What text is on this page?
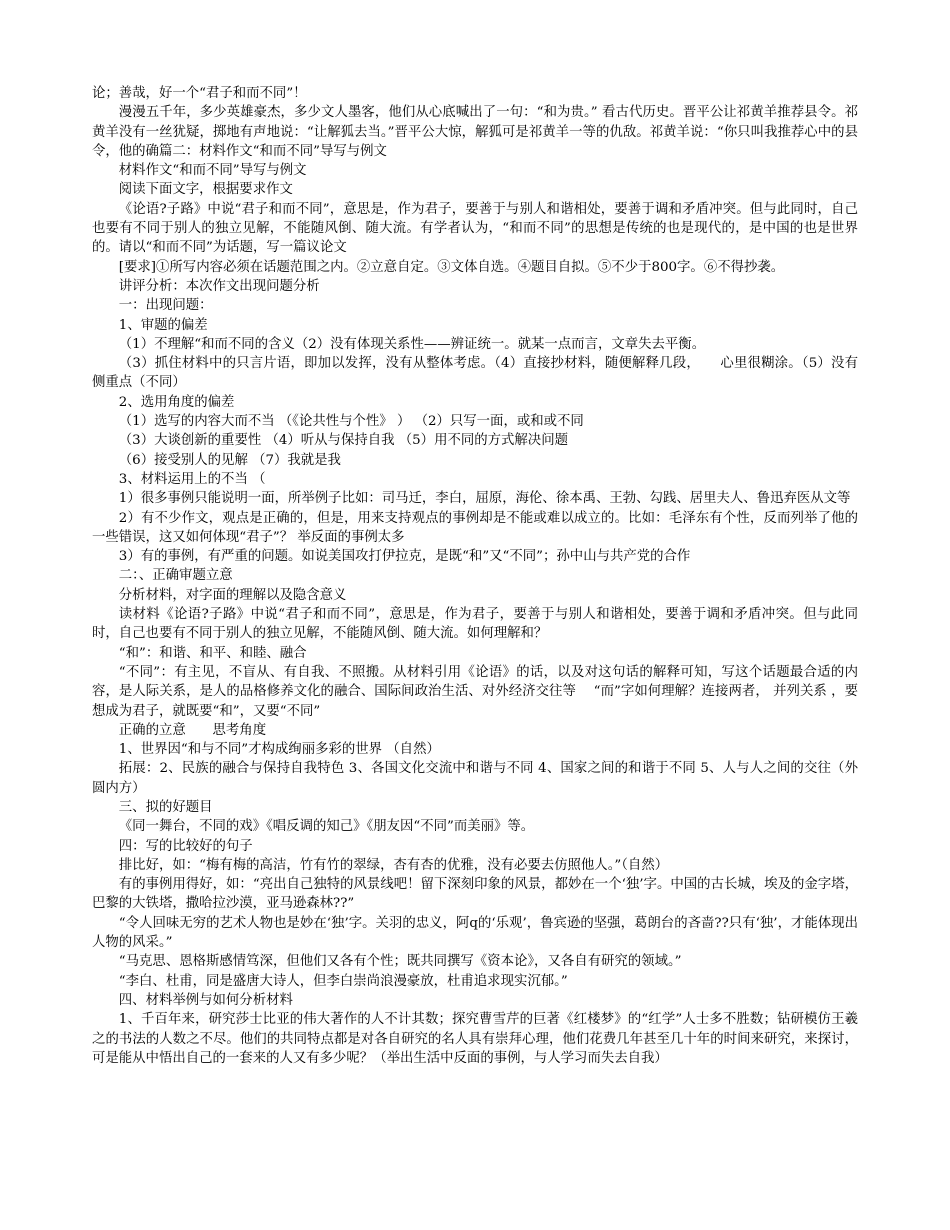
论；善哉，好一个“君子和而不同”！

漫漫五千年，多少英雄豪杰，多少文人墨客，他们从心底喊出了一句：“和为贵。” 看古代历史。晋平公让祁黄羊推荐县令。祁黄羊没有一丝犹疑，掷地有声地说：“让解狐去当。”晋平公大惊，解狐可是祁黄羊一等的仇敌。祁黄羊说：“你只叫我推荐心中的县令，他的确篇二：材料作文“和而不同”导写与例文

材料作文“和而不同”导写与例文

阅读下面文字，根据要求作文

《论语?子路》中说“君子和而不同”，意思是，作为君子，要善于与别人和谐相处，要善于调和矛盾冲突。但与此同时，自己也要有不同于别人的独立见解，不能随风倒、随大流。有学者认为，“和而不同”的思想是传统的也是现代的，是中国的也是世界的。请以“和而不同”为话题，写一篇议论文

[要求]①所写内容必须在话题范围之内。②立意自定。③文体自选。④题目自拟。⑤不少于800字。⑥不得抄袭。

讲评分析：本次作文出现问题分析

一：出现问题：

1、审题的偏差

（1）不理解“和而不同的含义（2）没有体现关系性——辨证统一。就某一点而言，文章失去平衡。

（3）抓住材料中的只言片语，即加以发挥，没有从整体考虑。（4）直接抄材料，随便解释几段，　　心里很糊涂。（5）没有侧重点（不同）

2、选用角度的偏差

（1）选写的内容大而不当 （《论共性与个性》 ） （2）只写一面，或和或不同

（3）大谈创新的重要性 （4）听从与保持自我 （5）用不同的方式解决问题

（6）接受别人的见解 （7）我就是我

3、材料运用上的不当 （

1）很多事例只能说明一面，所举例子比如：司马迁，李白，屈原，海伦、徐本禹、王勃、勾践、居里夫人、鲁迅弃医从文等

2）有不少作文，观点是正确的，但是，用来支持观点的事例却是不能或难以成立的。比如：毛泽东有个性，反而列举了他的一些错误，这又如何体现“君子”？ 举反面的事例太多

3）有的事例，有严重的问题。如说美国攻打伊拉克，是既“和”又“不同”；孙中山与共产党的合作

二：、正确审题立意

分析材料，对字面的理解以及隐含意义

读材料《论语?子路》中说“君子和而不同”，意思是，作为君子，要善于与别人和谐相处，要善于调和矛盾冲突。但与此同时，自己也要有不同于别人的独立见解，不能随风倒、随大流。如何理解和？

“和”：和谐、和平、和睦、融合

“不同”：有主见，不盲从、有自我、不照搬。从材料引用《论语》的话，以及对这句话的解释可知，写这个话题最合适的内容，是人际关系，是人的品格修养文化的融合、国际间政治生活、对外经济交往等 　“而”字如何理解？连接两者， 并列关系 ，要想成为君子，就既要“和”，又要“不同”

正确的立意　　思考角度

1、世界因“和与不同”才构成绚丽多彩的世界 （自然）

拓展：2、民族的融合与保持自我特色 3、各国文化交流中和谐与不同 4、国家之间的和谐于不同 5、人与人之间的交往（外圆内方）

三、拟的好题目

《同一舞台，不同的戏》《唱反调的知己》《朋友因“不同”而美丽》等。

四：写的比较好的句子

排比好，如：“梅有梅的高洁，竹有竹的翠绿，杏有杏的优雅，没有必要去仿照他人。”（自然）

有的事例用得好，如：“亮出自己独特的风景线吧！留下深刻印象的风景，都妙在一个‘独’字。中国的古长城，埃及的金字塔，巴黎的大铁塔，撒哈拉沙漠，亚马逊森林??”

“令人回味无穷的艺术人物也是妙在‘独’字。关羽的忠义，阿q的‘乐观’，鲁宾逊的坚强，葛朗台的吝啬??只有‘独’，才能体现出人物的风采。”

“马克思、恩格斯感情笃深，但他们又各有个性；既共同撰写《资本论》，又各自有研究的领域。”

“李白、杜甫，同是盛唐大诗人，但李白崇尚浪漫豪放，杜甫追求现实沉郁。”

四、材料举例与如何分析材料

1、千百年来，研究莎士比亚的伟大著作的人不计其数；探究曹雪芹的巨著《红楼梦》的“红学”人士多不胜数；钻研模仿王羲之的书法的人数之不尽。他们的共同特点都是对各自研究的名人具有崇拜心理，他们花费几年甚至几十年的时间来研究，来探讨，可是能从中悟出自己的一套来的人又有多少呢？（举出生活中反面的事例，与人学习而失去自我）
